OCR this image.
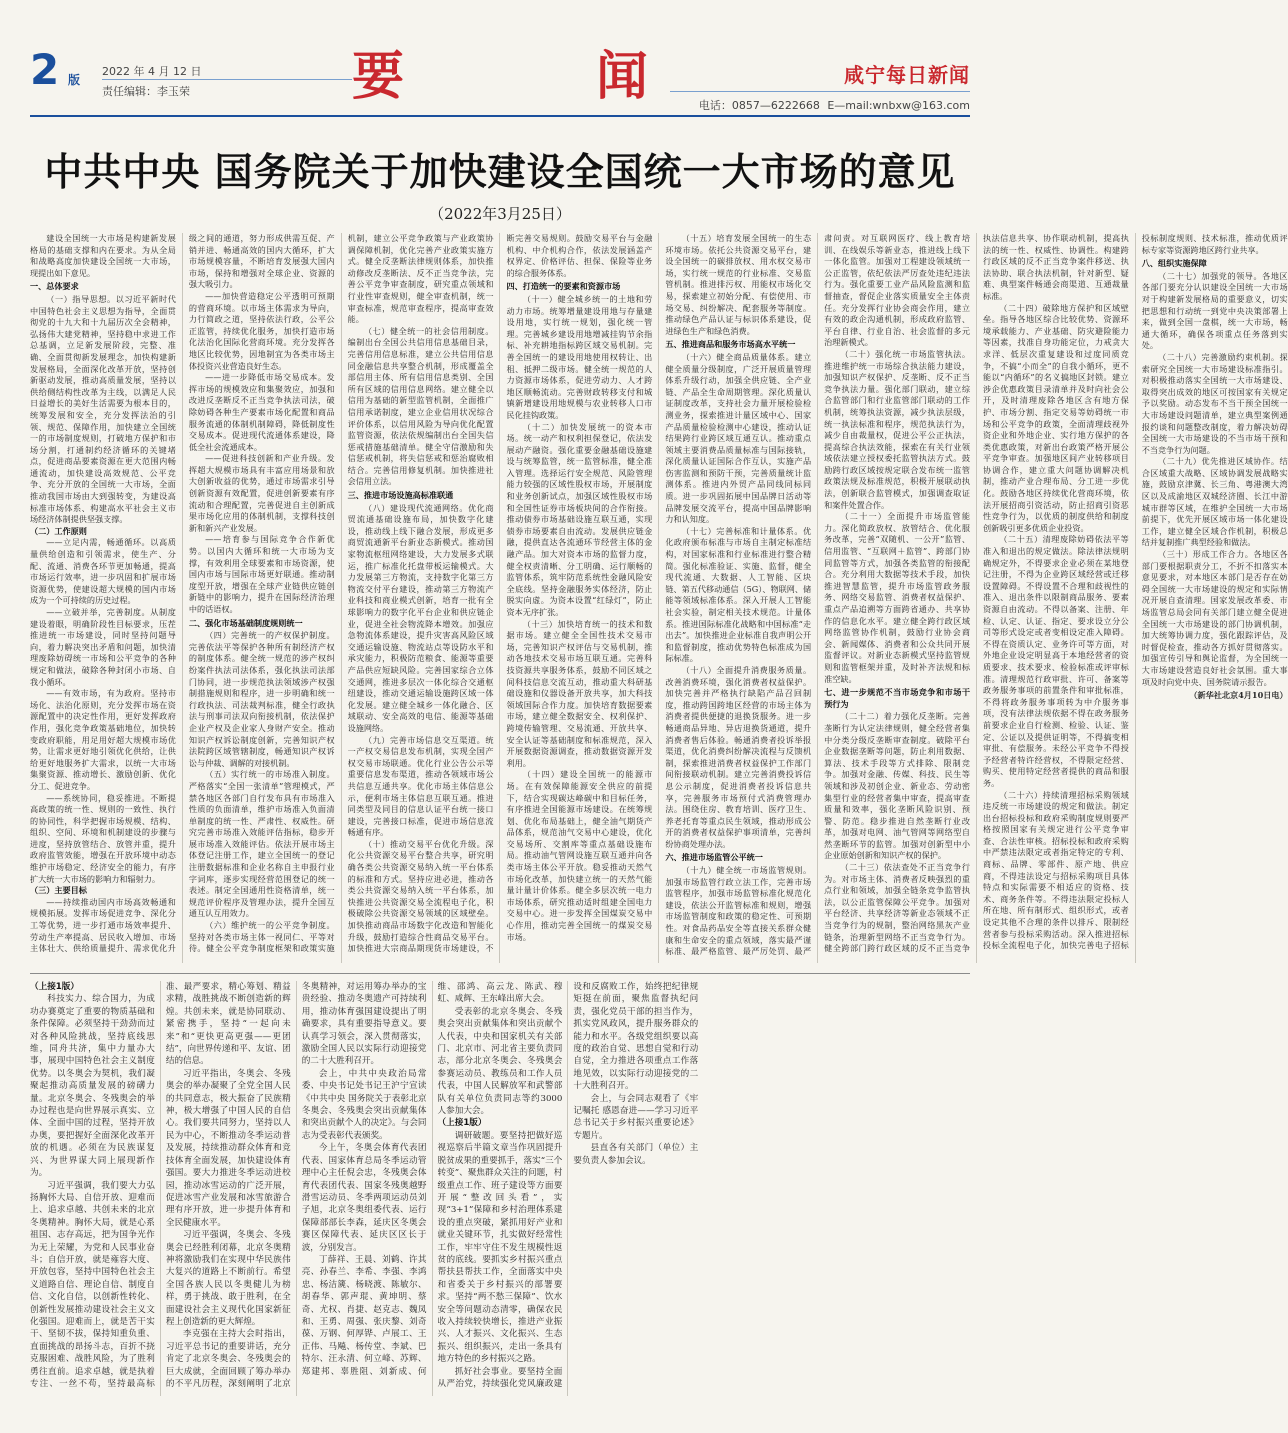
2 版
2022 年 4 月 12 日
责任编辑：李玉荣	要	闻	咸宁每日新闻
电话：0857—6222668 E—mail:wnbxw@163.com
中共中央 国务院关于加快建设全国统一大市场的意见
（2022年3月25日）

建设全国统一大市场是构建新发展格局的基础支撑和内在要求。为从全局和战略高度加快建设全国统一大市场，现提出如下意见。

一、总体要求

（一）指导思想。以习近平新时代中国特色社会主义思想为指导，全面贯彻党的十九大和十九届历次全会精神，弘扬伟大建党精神，坚持稳中求进工作总基调，立足新发展阶段，完整、准确、全面贯彻新发展理念，加快构建新发展格局，全面深化改革开放，坚持创新驱动发展，推动高质量发展，坚持以供给侧结构性改革为主线，以满足人民日益增长的美好生活需要为根本目的，统筹发展和安全，充分发挥法治的引领、规范、保障作用，加快建立全国统一的市场制度规则，打破地方保护和市场分割，打通制约经济循环的关键堵点，促进商品要素资源在更大范围内畅通流动，加快建设高效规范、公平竞争、充分开放的全国统一大市场，全面推动我国市场由大到强转变，为建设高标准市场体系、构建高水平社会主义市场经济体制提供坚强支撑。

（二）工作原则

——立足内需，畅通循环。以高质量供给创造和引领需求，使生产、分配、流通、消费各环节更加畅通，提高市场运行效率，进一步巩固和扩展市场资源优势，使建设超大规模的国内市场成为一个可持续的历史过程。

——立破并举，完善制度。从制度建设着眼，明确阶段性目标要求，压茬推进统一市场建设，同时坚持问题导向，着力解决突出矛盾和问题，加快清理废除妨碍统一市场和公平竞争的各种规定和做法，破除各种封闭小市场、自我小循环。

——有效市场，有为政府。坚持市场化、法治化原则，充分发挥市场在资源配置中的决定性作用，更好发挥政府作用，强化竞争政策基础地位，加快转变政府职能，用足用好超大规模市场优势，让需求更好地引领优化供给，让供给更好地服务扩大需求，以统一大市场集聚资源、推动增长、激励创新、优化分工、促进竞争。

——系统协同，稳妥推进。不断提高政策的统一性、规则的一致性、执行的协同性，科学把握市场规模、结构、组织、空间、环境和机制建设的步骤与进度，坚持放管结合、放管并重，提升政府监管效能，增强在开放环境中动态维护市场稳定、经济安全的能力，有序扩大统一大市场的影响力和辐射力。

（三）主要目标

——持续推动国内市场高效畅通和规模拓展。发挥市场促进竞争、深化分工等优势，进一步打通市场效率提升、劳动生产率提高、居民收入增加、市场主体壮大、供给质量提升、需求优化升级之间的通道，努力形成供需互促、产销并进、畅通高效的国内大循环，扩大市场规模容量，不断培育发展强大国内市场，保持和增强对全球企业、资源的强大吸引力。

——加快营造稳定公平透明可预期的营商环境。以市场主体需求为导向，力行简政之道，坚持依法行政，公平公正监管，持续优化服务，加快打造市场化法治化国际化营商环境。充分发挥各地区比较优势，因地制宜为各类市场主体投资兴业营造良好生态。

——进一步降低市场交易成本。发挥市场的规模效应和集聚效应，加强和改进反垄断反不正当竞争执法司法，破除妨碍各种生产要素市场化配置和商品服务流通的体制机制障碍，降低制度性交易成本。促进现代流通体系建设，降低全社会流通成本。

——促进科技创新和产业升级。发挥超大规模市场具有丰富应用场景和放大创新收益的优势，通过市场需求引导创新资源有效配置，促进创新要素有序流动和合理配置，完善促进自主创新成果市场化应用的体制机制，支撑科技创新和新兴产业发展。

——培育参与国际竞争合作新优势。以国内大循环和统一大市场为支撑，有效利用全球要素和市场资源，使国内市场与国际市场更好联通。推动制度型开放，增强在全球产业链供应链创新链中的影响力，提升在国际经济治理中的话语权。

二、强化市场基础制度规则统一

（四）完善统一的产权保护制度。完善依法平等保护各种所有制经济产权的制度体系。健全统一规范的涉产权纠纷案件执法司法体系，强化执法司法部门协同，进一步规范执法领域涉产权强制措施规则和程序，进一步明确和统一行政执法、司法裁判标准，健全行政执法与刑事司法双向衔接机制，依法保护企业产权及企业家人身财产安全。推动知识产权诉讼制度创新，完善知识产权法院跨区域管辖制度，畅通知识产权诉讼与仲裁、调解的对接机制。

（五）实行统一的市场准入制度。严格落实“全国一张清单”管理模式，严禁各地区各部门自行发布具有市场准入性质的负面清单，维护市场准入负面清单制度的统一性、严肃性、权威性。研究完善市场准入效能评估指标，稳步开展市场准入效能评估。依法开展市场主体登记注册工作，建立全国统一的登记注册数据标准和企业名称自主申报行业字词库，逐步实现经营范围登记的统一表述。制定全国通用性资格清单，统一规范评价程序及管理办法，提升全国互通互认互用效力。

（六）维护统一的公平竞争制度。坚持对各类市场主体一视同仁、平等对待。健全公平竞争制度框架和政策实施机制，建立公平竞争政策与产业政策协调保障机制，优化完善产业政策实施方式。健全反垄断法律规则体系，加快推动修改反垄断法、反不正当竞争法，完善公平竞争审查制度，研究重点领域和行业性审查规则，健全审查机制，统一审查标准，规范审查程序，提高审查效能。

（七）健全统一的社会信用制度。编制出台全国公共信用信息基础目录，完善信用信息标准，建立公共信用信息同金融信息共享整合机制，形成覆盖全部信用主体、所有信用信息类别、全国所有区域的信用信息网络。建立健全以信用为基础的新型监管机制，全面推广信用承诺制度，建立企业信用状况综合评价体系，以信用风险为导向优化配置监管资源，依法依规编制出台全国失信惩戒措施基础清单。健全守信激励和失信惩戒机制，将失信惩戒和惩治腐败相结合。完善信用修复机制。加快推进社会信用立法。

三、推进市场设施高标准联通

（八）建设现代流通网络。优化商贸流通基础设施布局，加快数字化建设，推动线上线下融合发展，形成更多商贸流通新平台新业态新模式。推动国家物流枢纽网络建设，大力发展多式联运，推广标准化托盘带板运输模式。大力发展第三方物流，支持数字化第三方物流交付平台建设，推动第三方物流产业科技和商业模式创新，培育一批有全球影响力的数字化平台企业和供应链企业，促进全社会物流降本增效。加强应急物流体系建设，提升灾害高风险区域交通运输设施、物流站点等设防水平和承灾能力，积极防范粮食、能源等重要产品供应短缺风险。完善国家综合立体交通网，推进多层次一体化综合交通枢纽建设，推动交通运输设施跨区域一体化发展。建立健全城乡一体化融合、区域联动、安全高效的电信、能源等基础设施网络。

（九）完善市场信息交互渠道。统一产权交易信息发布机制，实现全国产权交易市场联通。优化行业公告公示等重要信息发布渠道，推动各领域市场公共信息互通共享。优化市场主体信息公示，便利市场主体信息互联互通。推进同类型及同目的信息认证平台统一接口建设，完善接口标准，促进市场信息流畅通有序。

（十）推动交易平台优化升级。深化公共资源交易平台整合共享，研究明确各类公共资源交易纳入统一平台体系的标准和方式。坚持应进必进，推动各类公共资源交易纳入统一平台体系，加快推进公共资源交易全流程电子化，积极破除公共资源交易领域的区域壁垒。加快推动商品市场数字化改造和智能化升级，鼓励打造综合性商品交易平台。加快推进大宗商品期现货市场建设，不断完善交易规则。鼓励交易平台与金融机构、中介机构合作，依法发展涵盖产权界定、价格评估、担保、保险等业务的综合服务体系。

四、打造统一的要素和资源市场

（十一）健全城乡统一的土地和劳动力市场。统筹增量建设用地与存量建设用地，实行统一规划，强化统一管理。完善城乡建设用地增减挂钩节余指标、补充耕地指标跨区域交易机制。完善全国统一的建设用地使用权转让、出租、抵押二级市场。健全统一规范的人力资源市场体系，促进劳动力、人才跨地区顺畅流动。完善财政转移支付和城镇新增建设用地规模与农业转移人口市民化挂钩政策。

（十二）加快发展统一的资本市场。统一动产和权利担保登记，依法发展动产融资。强化重要金融基础设施建设与统筹监管，统一监管标准，健全准入管理。选择运行安全规范、风险管理能力较强的区域性股权市场，开展制度和业务创新试点，加强区域性股权市场和全国性证券市场板块间的合作衔接。推动债券市场基础设施互联互通，实现债券市场要素自由流动。发展供应链金融，提供直达各流通环节经营主体的金融产品。加大对资本市场的监督力度，健全权责清晰、分工明确、运行顺畅的监管体系，筑牢防范系统性金融风险安全底线。坚持金融服务实体经济，防止脱实向虚。为资本设置“红绿灯”，防止资本无序扩张。

（十三）加快培育统一的技术和数据市场。建立健全全国性技术交易市场，完善知识产权评估与交易机制，推动各地技术交易市场互联互通。完善科技资源共享服务体系，鼓励不同区域之间科技信息交流互动，推动重大科研基础设施和仪器设备开放共享，加大科技领域国际合作力度。加快培育数据要素市场，建立健全数据安全、权利保护、跨境传输管理、交易流通、开放共享、安全认证等基础制度和标准规范，深入开展数据资源调查，推动数据资源开发利用。

（十四）建设全国统一的能源市场。在有效保障能源安全供应的前提下，结合实现碳达峰碳中和目标任务，有序推进全国能源市场建设。在统筹规划、优化布局基础上，健全油气期货产品体系，规范油气交易中心建设，优化交易场所、交割库等重点基础设施布局。推动油气管网设施互联互通并向各类市场主体公平开放。稳妥推动天然气市场化改革，加快建立统一的天然气能量计量计价体系。健全多层次统一电力市场体系，研究推动适时组建全国电力交易中心。进一步发挥全国煤炭交易中心作用，推动完善全国统一的煤炭交易市场。

（十五）培育发展全国统一的生态环境市场。依托公共资源交易平台，建设全国统一的碳排放权、用水权交易市场，实行统一规范的行业标准、交易监管机制。推进排污权、用能权市场化交易，探索建立初始分配、有偿使用、市场交易、纠纷解决、配套服务等制度。推动绿色产品认证与标识体系建设，促进绿色生产和绿色消费。

五、推进商品和服务市场高水平统一

（十六）健全商品质量体系。建立健全质量分级制度，广泛开展质量管理体系升级行动，加强全供应链、全产业链、产品全生命周期管理。深化质量认证制度改革，支持社会力量开展检验检测业务，探索推进计量区域中心、国家产品质量检验检测中心建设，推动认证结果跨行业跨区域互通互认。推动重点领域主要消费品质量标准与国际接轨，深化质量认证国际合作互认，实施产品伤害监测和预防干预，完善质量统计监测体系。推进内外贸产品同线同标同质。进一步巩固拓展中国品牌日活动等品牌发展交流平台，提高中国品牌影响力和认知度。

（十七）完善标准和计量体系。优化政府颁布标准与市场自主制定标准结构，对国家标准和行业标准进行整合精简。强化标准验证、实施、监督，健全现代流通、大数据、人工智能、区块链、第五代移动通信（5G）、物联网、储能等领域标准体系。深入开展人工智能社会实验，制定相关技术规范。计量体系。推进国际标准化战略和中国标准“走出去”。加快推进企业标准自我声明公开和监督制度，推动优势特色标准成为国际标准。

（十八）全面提升消费服务质量。改善消费环境，强化消费者权益保护。加快完善并严格执行缺陷产品召回制度，推动跨国跨地区经营的市场主体为消费者提供便捷的退换货服务。进一步畅通商品异地、异店退换货通道，提升消费者售后体验。畅通消费者投诉举报渠道，优化消费纠纷解决流程与反馈机制，探索推进消费者权益保护工作部门间衔接联动机制。建立完善消费投诉信息公示制度，促进消费者投诉信息共享，完善服务市场预付式消费管理办法。围绕住房、教育培训、医疗卫生、养老托育等重点民生领域，推动形成公开的消费者权益保护事项清单，完善纠纷协商处理办法。

六、推进市场监管公平统一

（十九）健全统一市场监管规则。加强市场监管行政立法工作，完善市场监管程序，加强市场监管标准化规范化建设，依法公开监管标准和规则，增强市场监管制度和政策的稳定性、可预期性。对食品药品安全等直接关系群众健康和生命安全的重点领域，落实最严谨标准、最严格监管、最严厉处罚、最严肃问责。对互联网医疗、线上教育培训、在线娱乐等新业态，推进线上线下一体化监管。加强对工程建设领域统一公正监管，依纪依法严厉查处违纪违法行为。强化重要工业产品风险监测和监督抽查，督促企业落实质量安全主体责任。充分发挥行业协会商会作用，建立有效的政企沟通机制，形成政府监管、平台自律、行业自治、社会监督的多元治理新模式。

（二十）强化统一市场监管执法。推进维护统一市场综合执法能力建设，加强知识产权保护、反垄断、反不正当竞争执法力量。强化部门联动，建立综合监管部门和行业监管部门联动的工作机制，统筹执法资源，减少执法层级，统一执法标准和程序，规范执法行为，减少自由裁量权，促进公平公正执法，提高综合执法效能，探索在有关行业领域依法建立授权委托监管执法方式。鼓励跨行政区域按规定联合发布统一监管政策法规及标准规范，积极开展联动执法，创新联合监管模式，加强调查取证和案件处置合作。

（二十一）全面提升市场监管能力。深化简政放权、放管结合、优化服务改革，完善“双随机、一公开”监管、信用监管、“互联网＋监管”、跨部门协同监管等方式，加强各类监管的衔接配合。充分利用大数据等技术手段，加快推进智慧监管，提升市场监管政务服务、网络交易监管、消费者权益保护、重点产品追溯等方面跨省通办、共享协作的信息化水平。建立健全跨行政区域网络监管协作机制，鼓励行业协会商会、新闻媒体、消费者和公众共同开展监督评议。对新业态新模式坚持监管规则和监管框架并重，及时补齐法规和标准空缺。

七、进一步规范不当市场竞争和市场干预行为

（二十二）着力强化反垄断。完善垄断行为认定法律规则，健全经营者集中分类分级反垄断审查制度。破除平台企业数据垄断等问题，防止利用数据、算法、技术手段等方式排除、限制竞争。加强对金融、传媒、科技、民生等领域和涉及初创企业、新业态、劳动密集型行业的经营者集中审查，提高审查质量和效率，强化垄断风险识别、预警、防范。稳步推进自然垄断行业改革，加强对电网、油气管网等网络型自然垄断环节的监管。加强对创新型中小企业原始创新和知识产权的保护。

（二十三）依法查处不正当竞争行为。对市场主体、消费者反映强烈的重点行业和领域，加强全链条竞争监管执法，以公正监管保障公平竞争。加强对平台经济、共享经济等新业态领域不正当竞争行为的规制，整治网络黑灰产业链条，治理新型网络不正当竞争行为。健全跨部门跨行政区域的反不正当竞争执法信息共享、协作联动机制，提高执法的统一性、权威性、协调性。构建跨行政区域的反不正当竞争案件移送、执法协助、联合执法机制，针对新型、疑难、典型案件畅通会商渠道、互通裁量标准。

（二十四）破除地方保护和区域壁垒。指导各地区综合比较优势、资源环境承载能力、产业基础、防灾避险能力等因素，找准自身功能定位，力戒贪大求洋、低层次重复建设和过度同质竞争，不搞“小而全”的自我小循环，更不能以“内循环”的名义搞地区封锁。建立涉企优惠政策目录清单并及时向社会公开，及时清理废除各地区含有地方保护、市场分割、指定交易等妨碍统一市场和公平竞争的政策，全面清理歧视外资企业和外地企业、实行地方保护的各类优惠政策，对新出台政策严格开展公平竞争审查。加强地区间产业转移项目协调合作，建立重大问题协调解决机制，推动产业合理布局、分工进一步优化。鼓励各地区持续优化营商环境，依法开展招商引资活动，防止招商引资恶性竞争行为，以优质的制度供给和制度创新吸引更多优质企业投资。

（二十五）清理废除妨碍依法平等准入和退出的规定做法。除法律法规明确规定外，不得要求企业必须在某地登记注册，不得为企业跨区域经营或迁移设置障碍。不得设置不合理和歧视性的准入、退出条件以限制商品服务、要素资源自由流动。不得以备案、注册、年检、认定、认证、指定、要求设立分公司等形式设定或者变相设定准入障碍。不得在资质认定、业务许可等方面，对外地企业设定明显高于本地经营者的资质要求、技术要求、检验标准或评审标准。清理规范行政审批、许可、备案等政务服务事项的前置条件和审批标准，不得将政务服务事项转为中介服务事项，没有法律法规依据不得在政务服务前要求企业自行检测、检验、认证、鉴定、公证以及提供证明等，不得搞变相审批、有偿服务。未经公平竞争不得授予经营者特许经营权，不得限定经营、购买、使用特定经营者提供的商品和服务。

（二十六）持续清理招标采购领域违反统一市场建设的规定和做法。制定出台招标投标和政府采购制度规则要严格按照国家有关规定进行公平竞争审查、合法性审核。招标投标和政府采购中严禁违法限定或者指定特定的专利、商标、品牌、零部件、原产地、供应商，不得违法设定与招标采购项目具体特点和实际需要不相适应的资格、技术、商务条件等。不得违法限定投标人所在地、所有制形式、组织形式，或者设定其他不合理的条件以排斥、限制经营者参与投标采购活动。深入推进招标投标全流程电子化，加快完善电子招标投标制度规则、技术标准，推动优质评标专家等资源跨地区跨行业共享。

八、组织实施保障

（二十七）加强党的领导。各地区各部门要充分认识建设全国统一大市场对于构建新发展格局的重要意义，切实把思想和行动统一到党中央决策部署上来，做到全国一盘棋，统一大市场，畅通大循环，确保各项重点任务落到实处。

（二十八）完善激励约束机制。探索研究全国统一大市场建设标准指引。对积极推动落实全国统一大市场建设、取得突出成效的地区可按国家有关规定予以奖励。动态发布不当干预全国统一大市场建设问题清单，建立典型案例通报约谈和问题整改制度，着力解决妨碍全国统一大市场建设的不当市场干预和不当竞争行为问题。

（二十九）优先推进区域协作。结合区域重大战略、区域协调发展战略实施，鼓励京津冀、长三角、粤港澳大湾区以及成渝地区双城经济圈、长江中游城市群等区域，在维护全国统一大市场前提下，优先开展区域市场一体化建设工作，建立健全区域合作机制，积极总结并复制推广典型经验和做法。

（三十）形成工作合力。各地区各部门要根据职责分工，不折不扣落实本意见要求，对本地区本部门是否存在妨碍全国统一大市场建设的规定和实际情况开展自查清理。国家发展改革委、市场监管总局会同有关部门建立健全促进全国统一大市场建设的部门协调机制，加大统筹协调力度，强化跟踪评估，及时督促检查，推动各方抓好贯彻落实。加强宣传引导和舆论监督，为全国统一大市场建设营造良好社会氛围。重大事项及时向党中央、国务院请示报告。

（新华社北京4月10日电）

（上接1版）

科技实力、综合国力，为成功办赛奠定了重要的物质基础和条件保障。必须坚持干劲劲而过对各种风险挑战，坚持底线思维，同舟共济，集中力量办大事，展现中国特色社会主义制度优势。以冬奥会为契机，我们凝聚起推动高质量发展的磅礴力量。北京冬奥会、冬残奥会的举办过程也是向世界展示真实、立体、全面中国的过程，坚持开放办奥，要把握好全面深化改革开放的机遇。必须在为民族谋复兴、为世界谋大同上展现新作为。

习近平强调，我们要大力弘扬胸怀大局、自信开放、迎难而上、追求卓越、共创未来的北京冬奥精神。胸怀大局，就是心系祖国、志存高远，把为国争光作为无上荣耀，为党和人民事业奋斗；自信开放，就是雍容大度、开放包容，坚持中国特色社会主义道路自信、理论自信、制度自信、文化自信，以创新性转化、创新性发展推动建设社会主义文化强国。迎难而上，就是苦干实干、坚韧不拔，保持知重负重、直面挑战的昂扬斗志，百折不挠克服困难、战胜风险，为了胜利勇往直前。追求卓越，就是执着专注、一丝不苟，坚持最高标准、最严要求，精心筹划、精益求精，战胜挑战不断创造新的辉煌。共创未来，就是协同联动、紧密携手，坚持“一起向未来”和“更快更高更强——更团结”，向世界传递和平、友谊、团结的信息。

习近平指出，冬奥会、冬残奥会的举办凝聚了全党全国人民的共同意志，极大振奋了民族精神，极大增强了中国人民的自信心。我们要共同努力，坚持以人民为中心，不断推动冬季运动普及发展，持续推动群众体育和竞技体育全面发展，加快建设体育强国。要大力推进冬季运动进校园，推动冰雪运动的广泛开展，促进冰雪产业发展和冰雪旅游合理有序开放，进一步提升体育和全民健康水平。

习近平强调，冬奥会、冬残奥会已经胜利闭幕，北京冬奥精神将激励我们在实现中华民族伟大复兴的道路上不断前行。希望全国各族人民以冬奥健儿为榜样，勇于挑战、敢于胜利，在全面建设社会主义现代化国家新征程上创造新的更大辉煌。

李克强在主持大会时指出，习近平总书记的重要讲话，充分肯定了北京冬奥会、冬残奥会的巨大成就，全面回顾了筹办举办的不平凡历程，深刻阐明了北京冬奥精神，对运用筹办举办的宝贵经验、推动冬奥遗产可持续利用，推动体育强国建设提出了明确要求，具有重要指导意义。要认真学习领会，深入贯彻落实，激励全国人民以实际行动迎接党的二十大胜利召开。

会上，中共中央政治局常委、中央书记处书记王沪宁宣读《中共中央 国务院关于表彰北京冬奥会、冬残奥会突出贡献集体和突出贡献个人的决定》。与会同志为受表彰代表颁奖。

今上午，冬奥会体育代表团代表、国家体育总局冬季运动管理中心主任倪会忠，冬残奥会体育代表团代表、国家冬残奥越野滑雪运动员、冬季两项运动员刘子旭，北京冬奥组委代表、运行保障部部长李森，延庆区冬奥会赛区保障代表、延庆区区长于波，分别发言。

丁薛祥、王晨、刘鹤、许其亮、孙春兰、李希、李强、李鸿忠、杨洁篪、杨晓渡、陈敏尔、胡春华、郭声琨、黄坤明、蔡奇、尤权、肖捷、赵克志、魏凤和、王勇、周强、张庆黎、刘奇葆、万钢、何厚铧、卢展工、王正伟、马飚、杨传堂、李斌、巴特尔、汪永清、何立峰、苏辉、郑建邦、辜胜阻、刘新成、何维、邵鸿、高云龙、陈武、穆虹、咸辉、王东峰出席大会。

受表彰的北京冬奥会、冬残奥会突出贡献集体和突出贡献个人代表，中央和国家机关有关部门、北京市、河北省主要负责同志，部分北京冬奥会、冬残奥会参赛运动员、教练员和工作人员代表，中国人民解放军和武警部队有关单位负责同志等约3000人参加大会。

（上接1版）

调研破题。要坚持把做好巡视巡察后半篇文章当作巩固提升脱贫成果的重要抓手，落实“三个转变”、聚焦群众关注的问题，村级重点工作、班子建设等方面要开展“整改回头看”，实现“3+1”保障和乡村治理体系建设的重点突破，紧抓用好产业和就业关键环节，扎实做好经常性工作，牢牢守住不发生规模性返贫的底线。要抓实乡村振兴重点帮扶县帮扶工作，全面落实中央和省委关于乡村振兴的部署要求。坚持“两不愁三保障”、饮水安全等问题动态清零，确保农民收入持续较快增长，推进产业振兴、人才振兴、文化振兴、生态振兴、组织振兴，走出一条具有地方特色的乡村振兴之路。

抓好社会事业。要坚持全面从严治党，持续强化党风廉政建设和反腐败工作，始终把纪律规矩挺在前面，聚焦监督执纪问责，强化党员干部的担当作为，抓实党风政风，提升服务群众的能力和水平。各级党组织要以高度的政治自觉、思想自觉和行动自觉，全力推进各项重点工作落地见效，以实际行动迎接党的二十大胜利召开。

会上，与会同志观看了《牢记嘱托 感恩奋进——学习习近平总书记关于乡村振兴重要论述》专题片。

县直各有关部门（单位）主要负责人参加会议。
